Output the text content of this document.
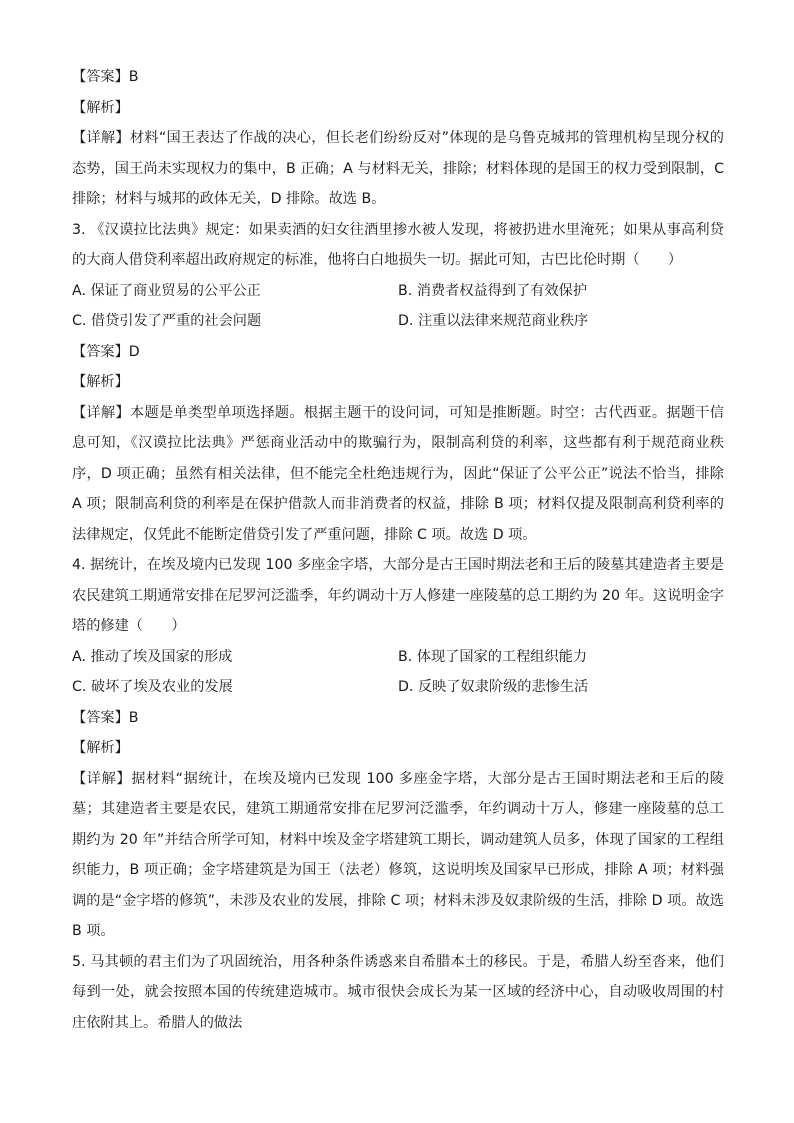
【答案】B
【解析】
【详解】材料“国王表达了作战的决心，但长老们纷纷反对”体现的是乌鲁克城邦的管理机构呈现分权的态势，国王尚未实现权力的集中，B 正确；A 与材料无关，排除；材料体现的是国王的权力受到限制，C 排除；材料与城邦的政体无关，D 排除。故选 B。
3. 《汉谟拉比法典》规定：如果卖酒的妇女往酒里掺水被人发现，将被扔进水里淹死；如果从事高利贷的大商人借贷利率超出政府规定的标准，他将白白地损失一切。据此可知，古巴比伦时期（　　）
A. 保证了商业贸易的公平公正	B. 消费者权益得到了有效保护
C. 借贷引发了严重的社会问题	D. 注重以法律来规范商业秩序
【答案】D
【解析】
【详解】本题是单类型单项选择题。根据主题干的设问词，可知是推断题。时空：古代西亚。据题干信息可知，《汉谟拉比法典》严惩商业活动中的欺骗行为，限制高利贷的利率，这些都有利于规范商业秩序，D 项正确；虽然有相关法律，但不能完全杜绝违规行为，因此“保证了公平公正”说法不恰当，排除 A 项；限制高利贷的利率是在保护借款人而非消费者的权益，排除 B 项；材料仅提及限制高利贷利率的法律规定，仅凭此不能断定借贷引发了严重问题，排除 C 项。故选 D 项。
4. 据统计，在埃及境内已发现 100 多座金字塔，大部分是古王国时期法老和王后的陵墓其建造者主要是农民建筑工期通常安排在尼罗河泛滥季，年约调动十万人修建一座陵墓的总工期约为 20 年。这说明金字塔的修建（　　）
A. 推动了埃及国家的形成	B. 体现了国家的工程组织能力
C. 破坏了埃及农业的发展	D. 反映了奴隶阶级的悲惨生活
【答案】B
【解析】
【详解】据材料“据统计，在埃及境内已发现 100 多座金字塔，大部分是古王国时期法老和王后的陵墓；其建造者主要是农民，建筑工期通常安排在尼罗河泛滥季，年约调动十万人，修建一座陵墓的总工期约为 20 年”并结合所学可知，材料中埃及金字塔建筑工期长，调动建筑人员多，体现了国家的工程组织能力，B 项正确；金字塔建筑是为国王（法老）修筑，这说明埃及国家早已形成，排除 A 项；材料强调的是“金字塔的修筑”，未涉及农业的发展，排除 C 项；材料未涉及奴隶阶级的生活，排除 D 项。故选 B 项。
5. 马其顿的君主们为了巩固统治，用各种条件诱惑来自希腊本土的移民。于是，希腊人纷至沓来，他们每到一处，就会按照本国的传统建造城市。城市很快会成长为某一区域的经济中心，自动吸收周围的村庄依附其上。希腊人的做法
